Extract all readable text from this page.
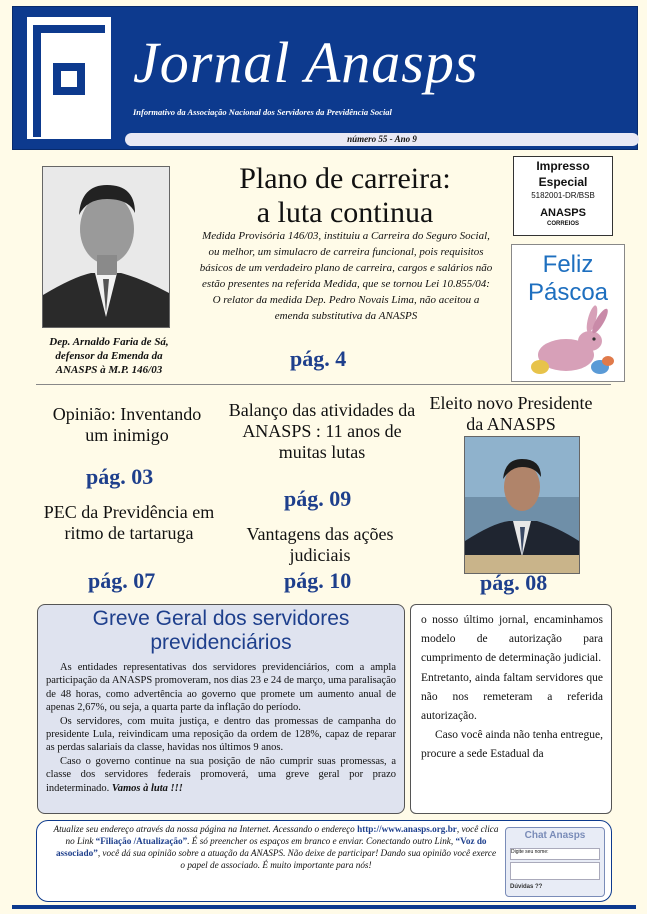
Jornal Anasps
Informativo da Associação Nacional dos Servidores da Previdência Social
número 55 - Ano 9
Dep. Arnaldo Faria de Sá, defensor da Emenda da ANASPS à M.P. 146/03
Plano de carreira:
a luta continua
Medida Provisória 146/03, instituiu a Carreira do Seguro Social, ou melhor, um simulacro de carreira funcional, pois requisitos básicos de um verdadeiro plano de carreira, cargos e salários não estão presentes na referida Medida, que se tornou Lei 10.855/04: O relator da medida Dep. Pedro Novais Lima, não aceitou a emenda substitutiva da ANASPS
pág. 4
Impresso
Especial
5182001-DR/BSB
ANASPS
CORREIOS
Feliz
Páscoa
Opinião: Inventando um inimigo
pág. 03
Balanço das atividades da ANASPS : 11 anos de muitas lutas
pág. 09
Eleito novo Presidente da ANASPS
pág. 08
PEC da Previdência em ritmo de tartaruga
pág. 07
Vantagens das ações judiciais
pág. 10
Greve Geral dos servidores previdenciários

As entidades representativas dos servidores previdenciários, com a ampla participação da ANASPS promoveram, nos dias 23 e 24 de março, uma paralisação de 48 horas, como advertência ao governo que promete um aumento anual de apenas 2,67%, ou seja, a quarta parte da inflação do período.

Os servidores, com muita justiça, e dentro das promessas de campanha do presidente Lula, reivindicam uma reposição da ordem de 128%, capaz de reparar as perdas salariais da classe, havidas nos últimos 9 anos.

Caso o governo continue na sua posição de não cumprir suas promessas, a classe dos servidores federais promoverá, uma greve geral por prazo indeterminado. Vamos à luta !!!

o nosso último jornal, encaminhamos modelo de autorização para cumprimento de determinação judicial.

Entretanto, ainda faltam servidores que não nos remeteram a referida autorização.

Caso você ainda não tenha entregue, procure a sede Estadual da

Atualize seu endereço através da nossa página na Internet. Acessando o endereço http://www.anasps.org.br, você clica no Link “Filiação /Atualização”. É só preencher os espaços em branco e enviar. Conectando outro Link, “Voz do associado”, você dá sua opinião sobre a atuação da ANASPS. Não deixe de participar! Dando sua opinião você exerce o papel de associado. É muito importante para nós!
Chat Anasps
Digite seu nome:
Dúvidas ??
